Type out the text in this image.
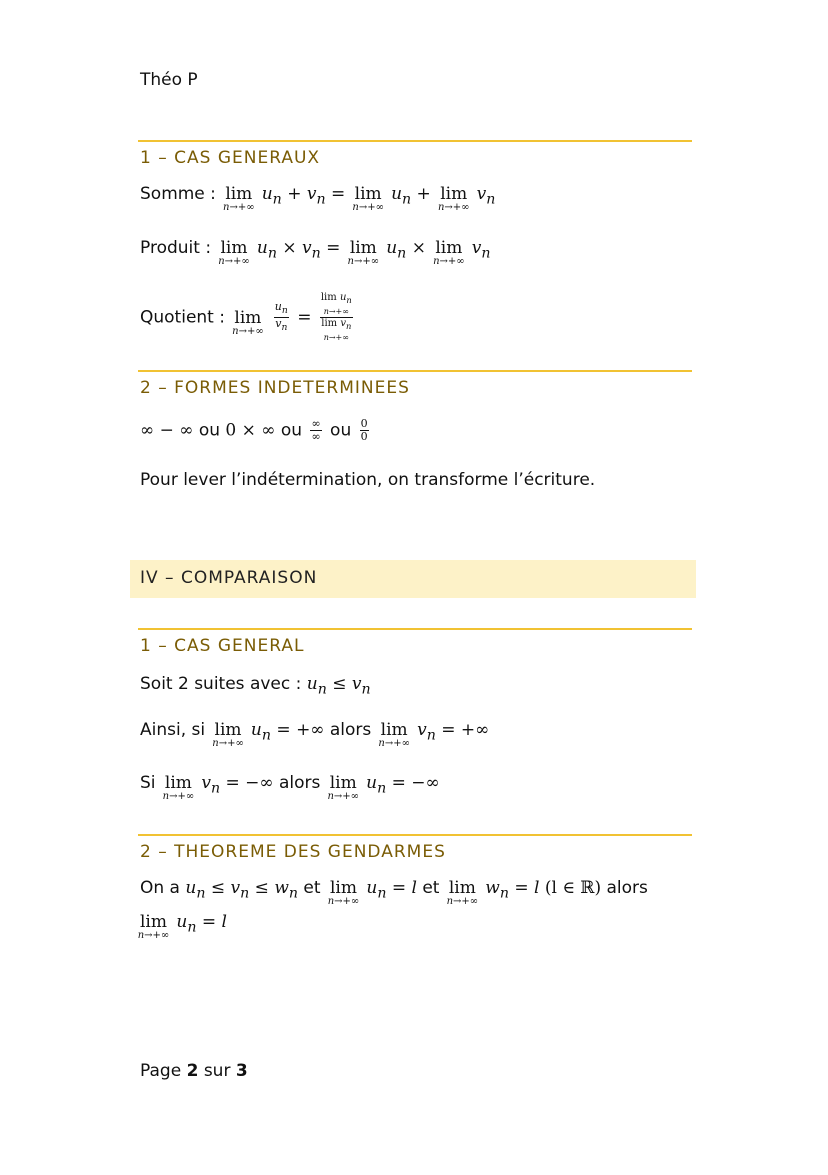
Théo P
1 – CAS GENERAUX
Somme : lim
n→+∞
$u_n + v_n = \lim$
n→+∞
$u_n + \lim$
n→+∞
$v_n$
Produit : lim
n→+∞
$u_n \times v_n = \lim$
n→+∞
$u_n \times \lim$
n→+∞
$v_n$
Quotient : lim
n→+∞
$\frac{u_n}{v_n}$ =
$\lim u_n$
n→+∞
$\lim v_n$
n→+∞
2 – FORMES INDETERMINEES
∞ − ∞ ou 0 × ∞ ou $\frac{\infty}{\infty}$ ou $\frac{0}{0}$
Pour lever l’indétermination, on transforme l’écriture.
IV – COMPARAISON
1 – CAS GENERAL
Soit 2 suites avec : $u_n \le v_n$
Ainsi, si lim
n→+∞
$u_n$ = +∞ alors lim
n→+∞
$v_n$ = +∞
Si lim
n→+∞
$v_n$ = −∞ alors lim
n→+∞
$u_n$ = −∞
2 – THEOREME DES GENDARMES
On a $u_n \le v_n \le w_n$ et lim
n→+∞
$u_n = l$ et lim
n→+∞
$w_n = l$ (l ∈ ℝ) alors
lim
n→+∞
$u_n = l$
Page 2 sur 3
